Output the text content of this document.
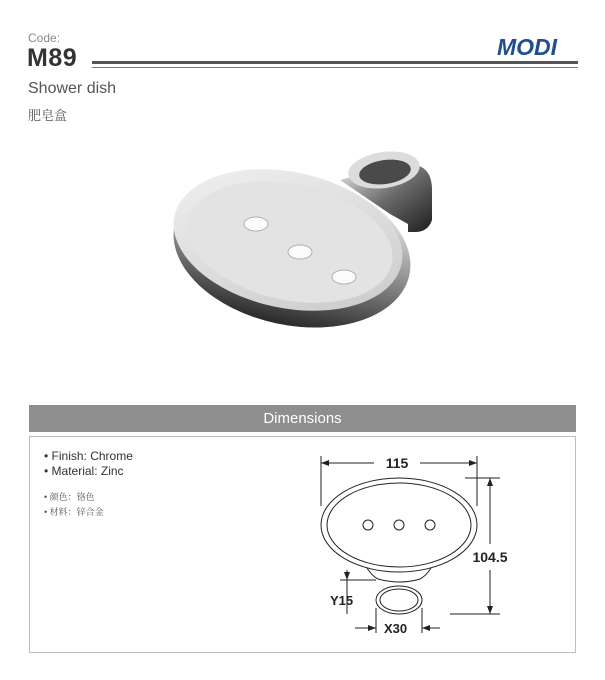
Code:
M89	MODI
Shower dish
肥皂盒
Dimensions
• Finish: Chrome
• Material: Zinc
• 颜色：铬色
• 材料：锌合金
115
104.5
Y15
X30
